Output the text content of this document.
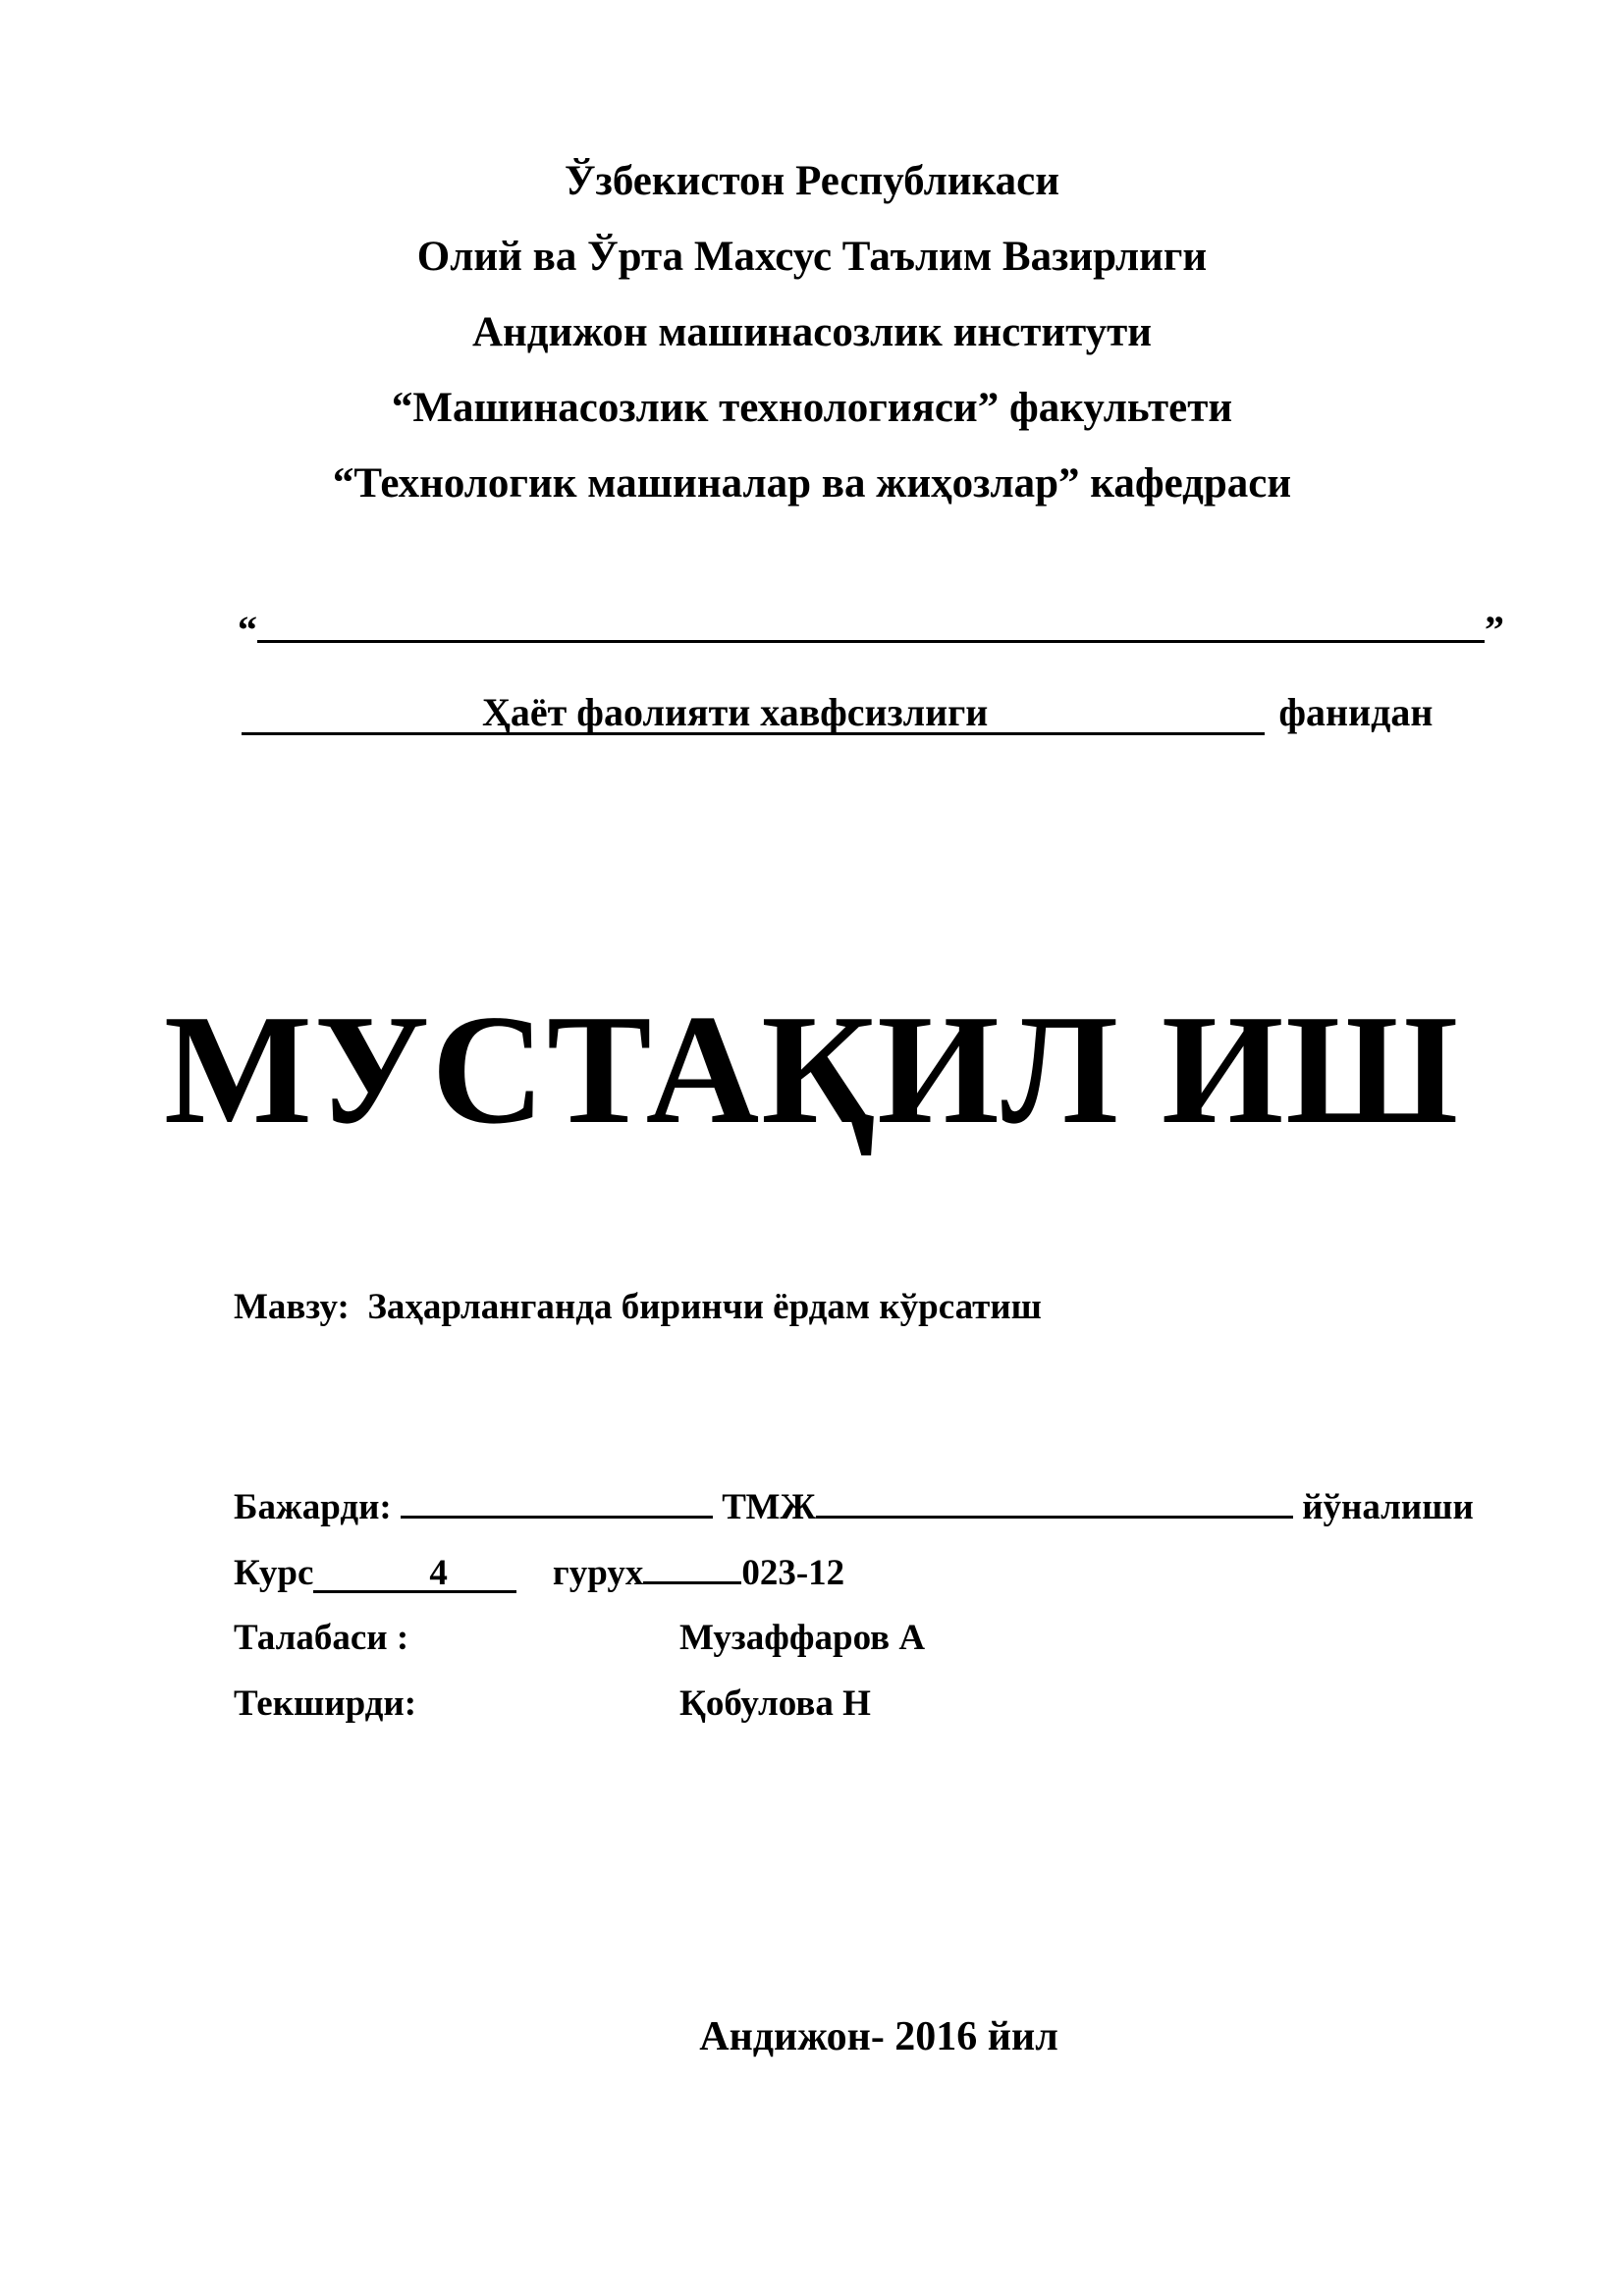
Ўзбекистон Республикаси
Олий ва Ўрта Махсус Таълим Вазирлиги
Андижон машинасозлик институти
“Машинасозлик технологияси” факультети
“Технологик машиналар ва жиҳозлар” кафедраси
“	”
Ҳаёт фаолияти хавфсизлиги	фанидан
МУСТАҚИЛ ИШ
Мавзу: Заҳарланганда биринчи ёрдам кўрсатиш
Бажарди:	ТМЖ	йўналиши
Курс	4	гурух	023-12
Талабаси :	Музаффаров А
Текширди:	Қобулова Н
Андижон- 2016 йил
